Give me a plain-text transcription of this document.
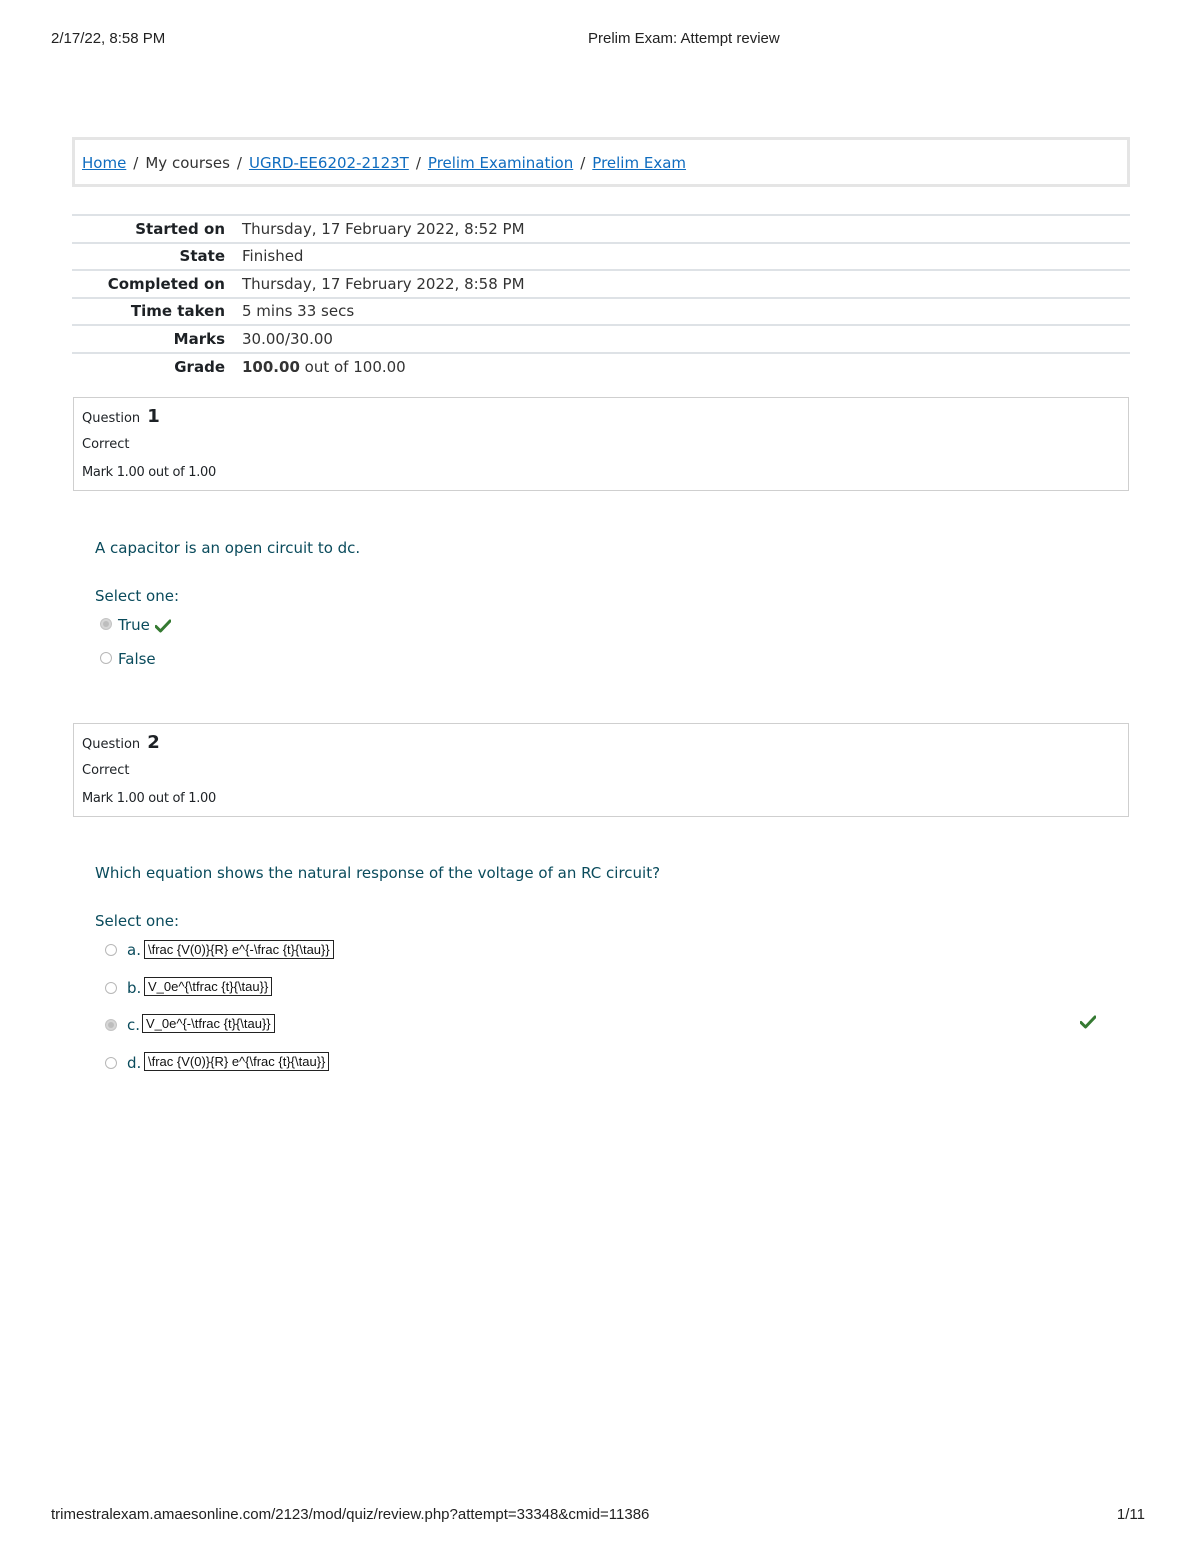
2/17/22, 8:58 PM	Prelim Exam: Attempt review
Home / My courses / UGRD-EE6202-2123T / Prelim Examination / Prelim Exam
Started on	Thursday, 17 February 2022, 8:52 PM
State	Finished
Completed on	Thursday, 17 February 2022, 8:58 PM
Time taken	5 mins 33 secs
Marks	30.00/30.00
Grade	100.00 out of 100.00
Question 1
Correct
Mark 1.00 out of 1.00
A capacitor is an open circuit to dc.
Select one:
True
False
Question 2
Correct
Mark 1.00 out of 1.00
Which equation shows the natural response of the voltage of an RC circuit?
Select one:
a. \frac {V(0)}{R} e^{-\frac {t}{\tau}}
b. V_0e^{\tfrac {t}{\tau}}
c. V_0e^{-\tfrac {t}{\tau}}
d. \frac {V(0)}{R} e^{\frac {t}{\tau}}
trimestralexam.amaesonline.com/2123/mod/quiz/review.php?attempt=33348&cmid=11386	1/11
